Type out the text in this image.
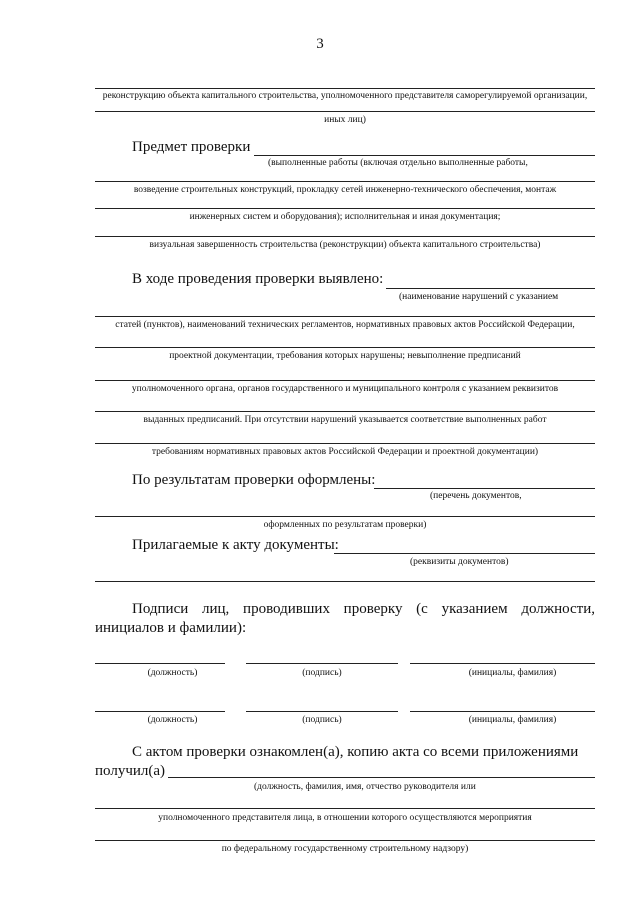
3
реконструкцию объекта капитального строительства, уполномоченного представителя саморегулируемой организации,
иных лиц)
Предмет проверки
(выполненные работы (включая отдельно выполненные работы,
возведение строительных конструкций, прокладку сетей инженерно-технического обеспечения, монтаж
инженерных систем и оборудования); исполнительная и иная документация;
визуальная завершенность строительства (реконструкции) объекта капитального строительства)
В ходе проведения проверки выявлено:
(наименование нарушений с указанием
статей (пунктов), наименований технических регламентов, нормативных правовых актов Российской Федерации,
проектной документации, требования которых нарушены; невыполнение предписаний
уполномоченного органа, органов государственного и муниципального контроля с указанием реквизитов
выданных предписаний. При отсутствии нарушений указывается соответствие выполненных работ
требованиям нормативных правовых актов Российской Федерации и проектной документации)
По результатам проверки оформлены:
(перечень документов,
оформленных по результатам проверки)
Прилагаемые к акту документы:
(реквизиты документов)
Подписи лиц, проводивших проверку (с указанием должности, инициалов и фамилии):
(должность)	(подпись)	(инициалы, фамилия)
(должность)	(подпись)	(инициалы, фамилия)
С актом проверки ознакомлен(а), копию акта со всеми приложениями получил(а)
(должность, фамилия, имя, отчество руководителя или
уполномоченного представителя лица, в отношении которого осуществляются мероприятия
по федеральному государственному строительному надзору)
